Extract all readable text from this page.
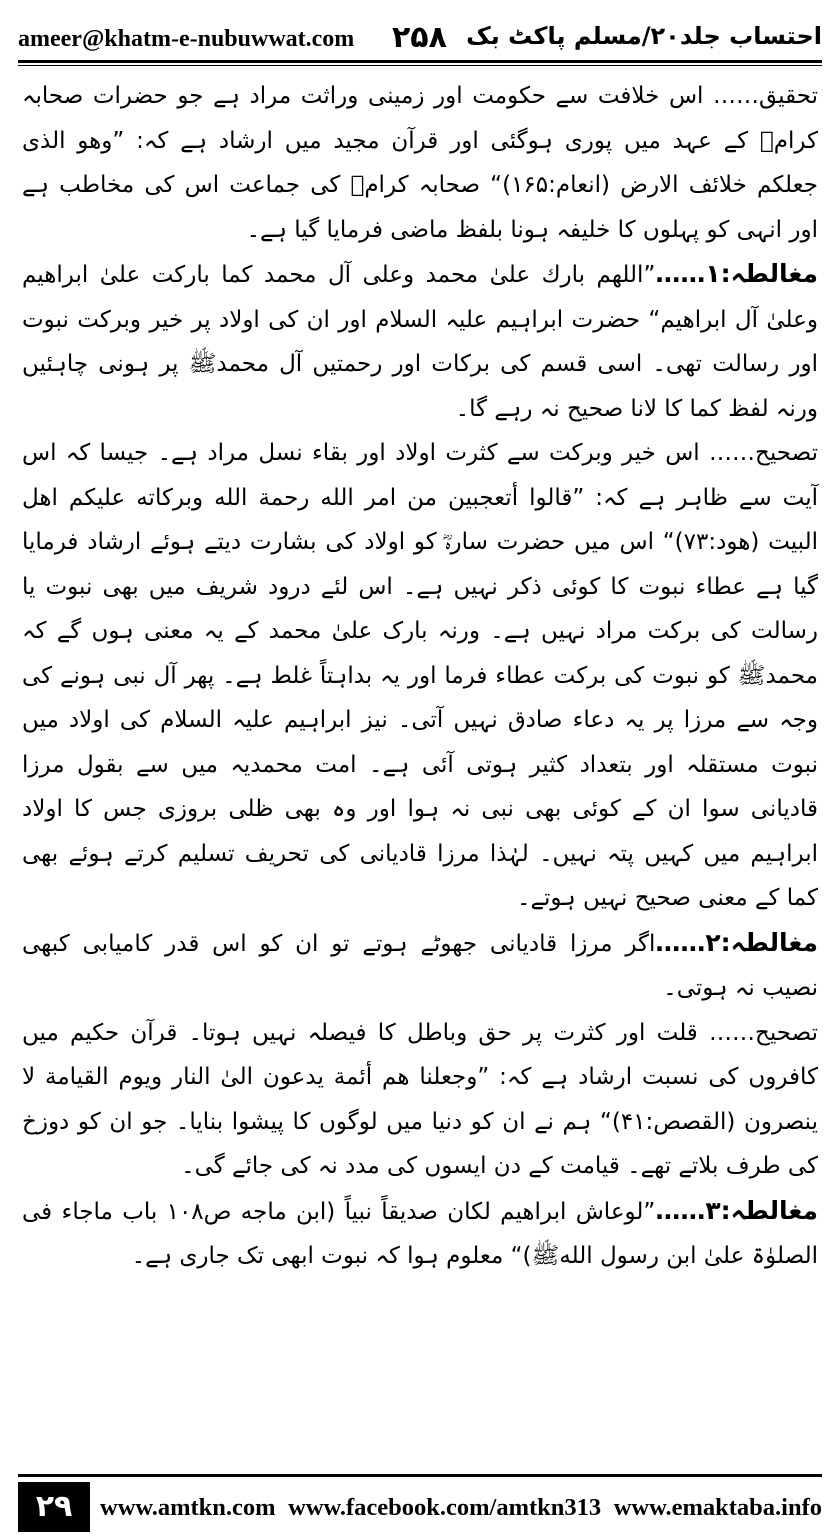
ameer@khatm-e-nubuwwat.com ۲۵۸ احتساب جلد۲۰/مسلم پاکٹ بک

تحقیق…… اس خلافت سے حکومت اور زمینی وراثت مراد ہے جو حضرات صحابہ کرامؓ کے عہد میں پوری ہوگئی اور قرآن مجید میں ارشاد ہے کہ: ”وھو الذی جعلکم خلائف الارض (انعام:۱۶۵)“ صحابہ کرامؓ کی جماعت اس کی مخاطب ہے اور انہی کو پہلوں کا خلیفہ ہونا بلفظ ماضی فرمایا گیا ہے۔

مغالطہ:۱……”اللھم بارك علیٰ محمد وعلی آل محمد کما بارکت علیٰ ابراھیم وعلیٰ آل ابراھیم“ حضرت ابراہیم علیہ السلام اور ان کی اولاد پر خیر وبرکت نبوت اور رسالت تھی۔ اسی قسم کی برکات اور رحمتیں آل محمدﷺ پر ہونی چاہئیں ورنہ لفظ کما کا لانا صحیح نہ رہے گا۔

تصحیح…… اس خیر وبرکت سے کثرت اولاد اور بقاء نسل مراد ہے۔ جیسا کہ اس آیت سے ظاہر ہے کہ: ”قالوا أتعجبین من امر الله رحمة الله وبرکاته علیکم اھل البیت (ھود:۷۳)“ اس میں حضرت سارہؓ کو اولاد کی بشارت دیتے ہوئے ارشاد فرمایا گیا ہے عطاء نبوت کا کوئی ذکر نہیں ہے۔ اس لئے درود شریف میں بھی نبوت یا رسالت کی برکت مراد نہیں ہے۔ ورنہ بارک علیٰ محمد کے یہ معنی ہوں گے کہ محمدﷺ کو نبوت کی برکت عطاء فرما اور یہ بداہتاً غلط ہے۔ پھر آل نبی ہونے کی وجہ سے مرزا پر یہ دعاء صادق نہیں آتی۔ نیز ابراہیم علیہ السلام کی اولاد میں نبوت مستقلہ اور بتعداد کثیر ہوتی آئی ہے۔ امت محمدیہ میں سے بقول مرزا قادیانی سوا ان کے کوئی بھی نبی نہ ہوا اور وہ بھی ظلی بروزی جس کا اولاد ابراہیم میں کہیں پتہ نہیں۔ لہٰذا مرزا قادیانی کی تحریف تسلیم کرتے ہوئے بھی کما کے معنی صحیح نہیں ہوتے۔

مغالطہ:۲……اگر مرزا قادیانی جھوٹے ہوتے تو ان کو اس قدر کامیابی کبھی نصیب نہ ہوتی۔

تصحیح…… قلت اور کثرت پر حق وباطل کا فیصلہ نہیں ہوتا۔ قرآن حکیم میں کافروں کی نسبت ارشاد ہے کہ: ”وجعلنا ھم أئمة یدعون الیٰ النار ویوم القیامة لا ینصرون (القصص:۴۱)“ ہم نے ان کو دنیا میں لوگوں کا پیشوا بنایا۔ جو ان کو دوزخ کی طرف بلاتے تھے۔ قیامت کے دن ایسوں کی مدد نہ کی جائے گی۔

مغالطہ:۳……”لوعاش ابراھیم لکان صدیقاً نبیاً (ابن ماجه ص۱۰۸ باب ماجاء فی الصلوٰۃ علیٰ ابن رسول اللهﷺ)“ معلوم ہوا کہ نبوت ابھی تک جاری ہے۔

۲۹	www.amtkn.com www.facebook.com/amtkn313 www.emaktaba.info
